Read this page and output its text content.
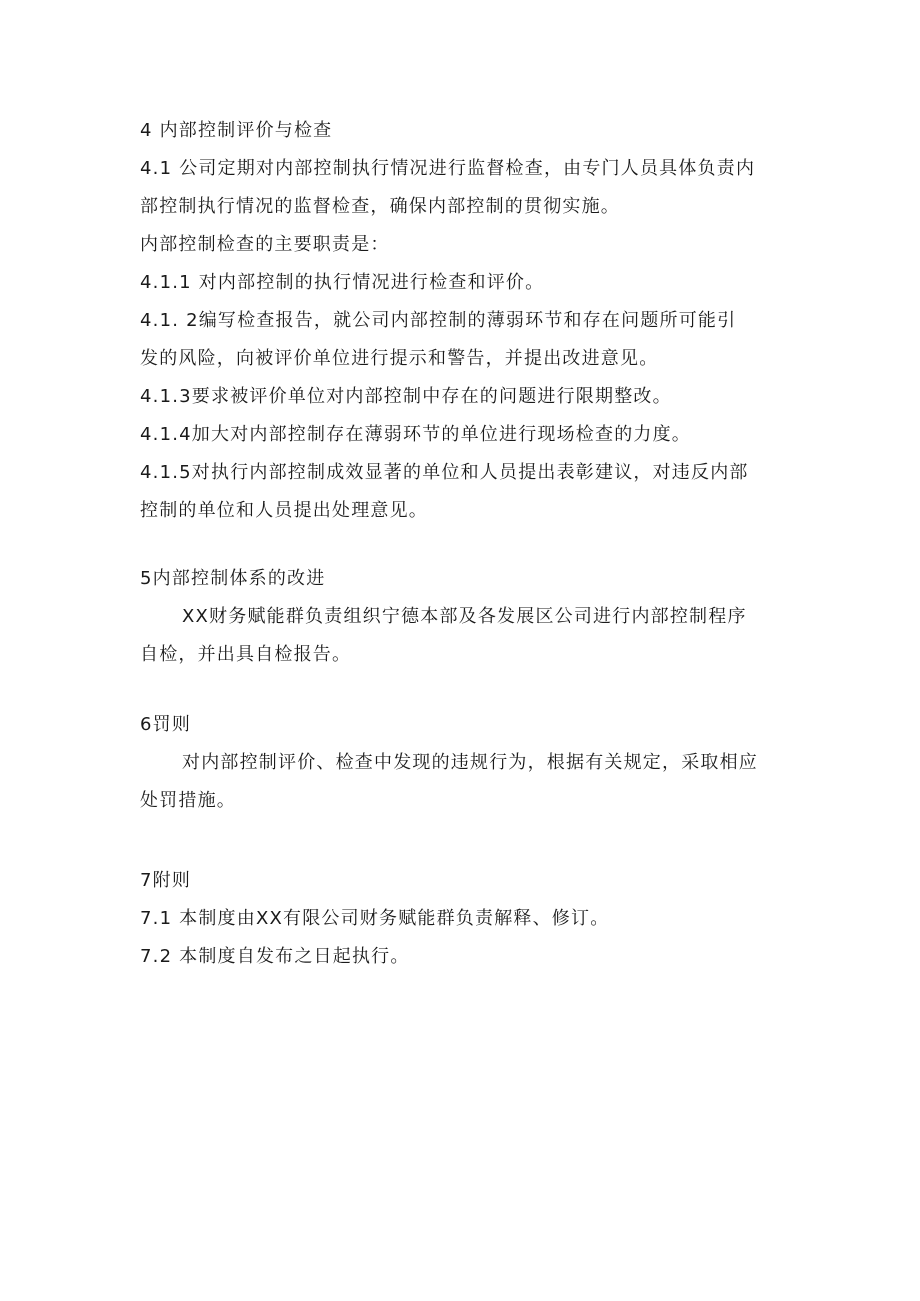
4 内部控制评价与检查
4.1 公司定期对内部控制执行情况进行监督检查，由专门人员具体负责内
部控制执行情况的监督检查，确保内部控制的贯彻实施。
内部控制检查的主要职责是：
4.1.1 对内部控制的执行情况进行检查和评价。
4.1. 2编写检查报告，就公司内部控制的薄弱环节和存在问题所可能引
发的风险，向被评价单位进行提示和警告，并提出改进意见。
4.1.3要求被评价单位对内部控制中存在的问题进行限期整改。
4.1.4加大对内部控制存在薄弱环节的单位进行现场检查的力度。
4.1.5对执行内部控制成效显著的单位和人员提出表彰建议，对违反内部
控制的单位和人员提出处理意见。
5内部控制体系的改进
XX财务赋能群负责组织宁德本部及各发展区公司进行内部控制程序
自检，并出具自检报告。
6罚则
对内部控制评价、检查中发现的违规行为，根据有关规定，采取相应
处罚措施。
7附则
7.1 本制度由XX有限公司财务赋能群负责解释、修订。
7.2 本制度自发布之日起执行。
